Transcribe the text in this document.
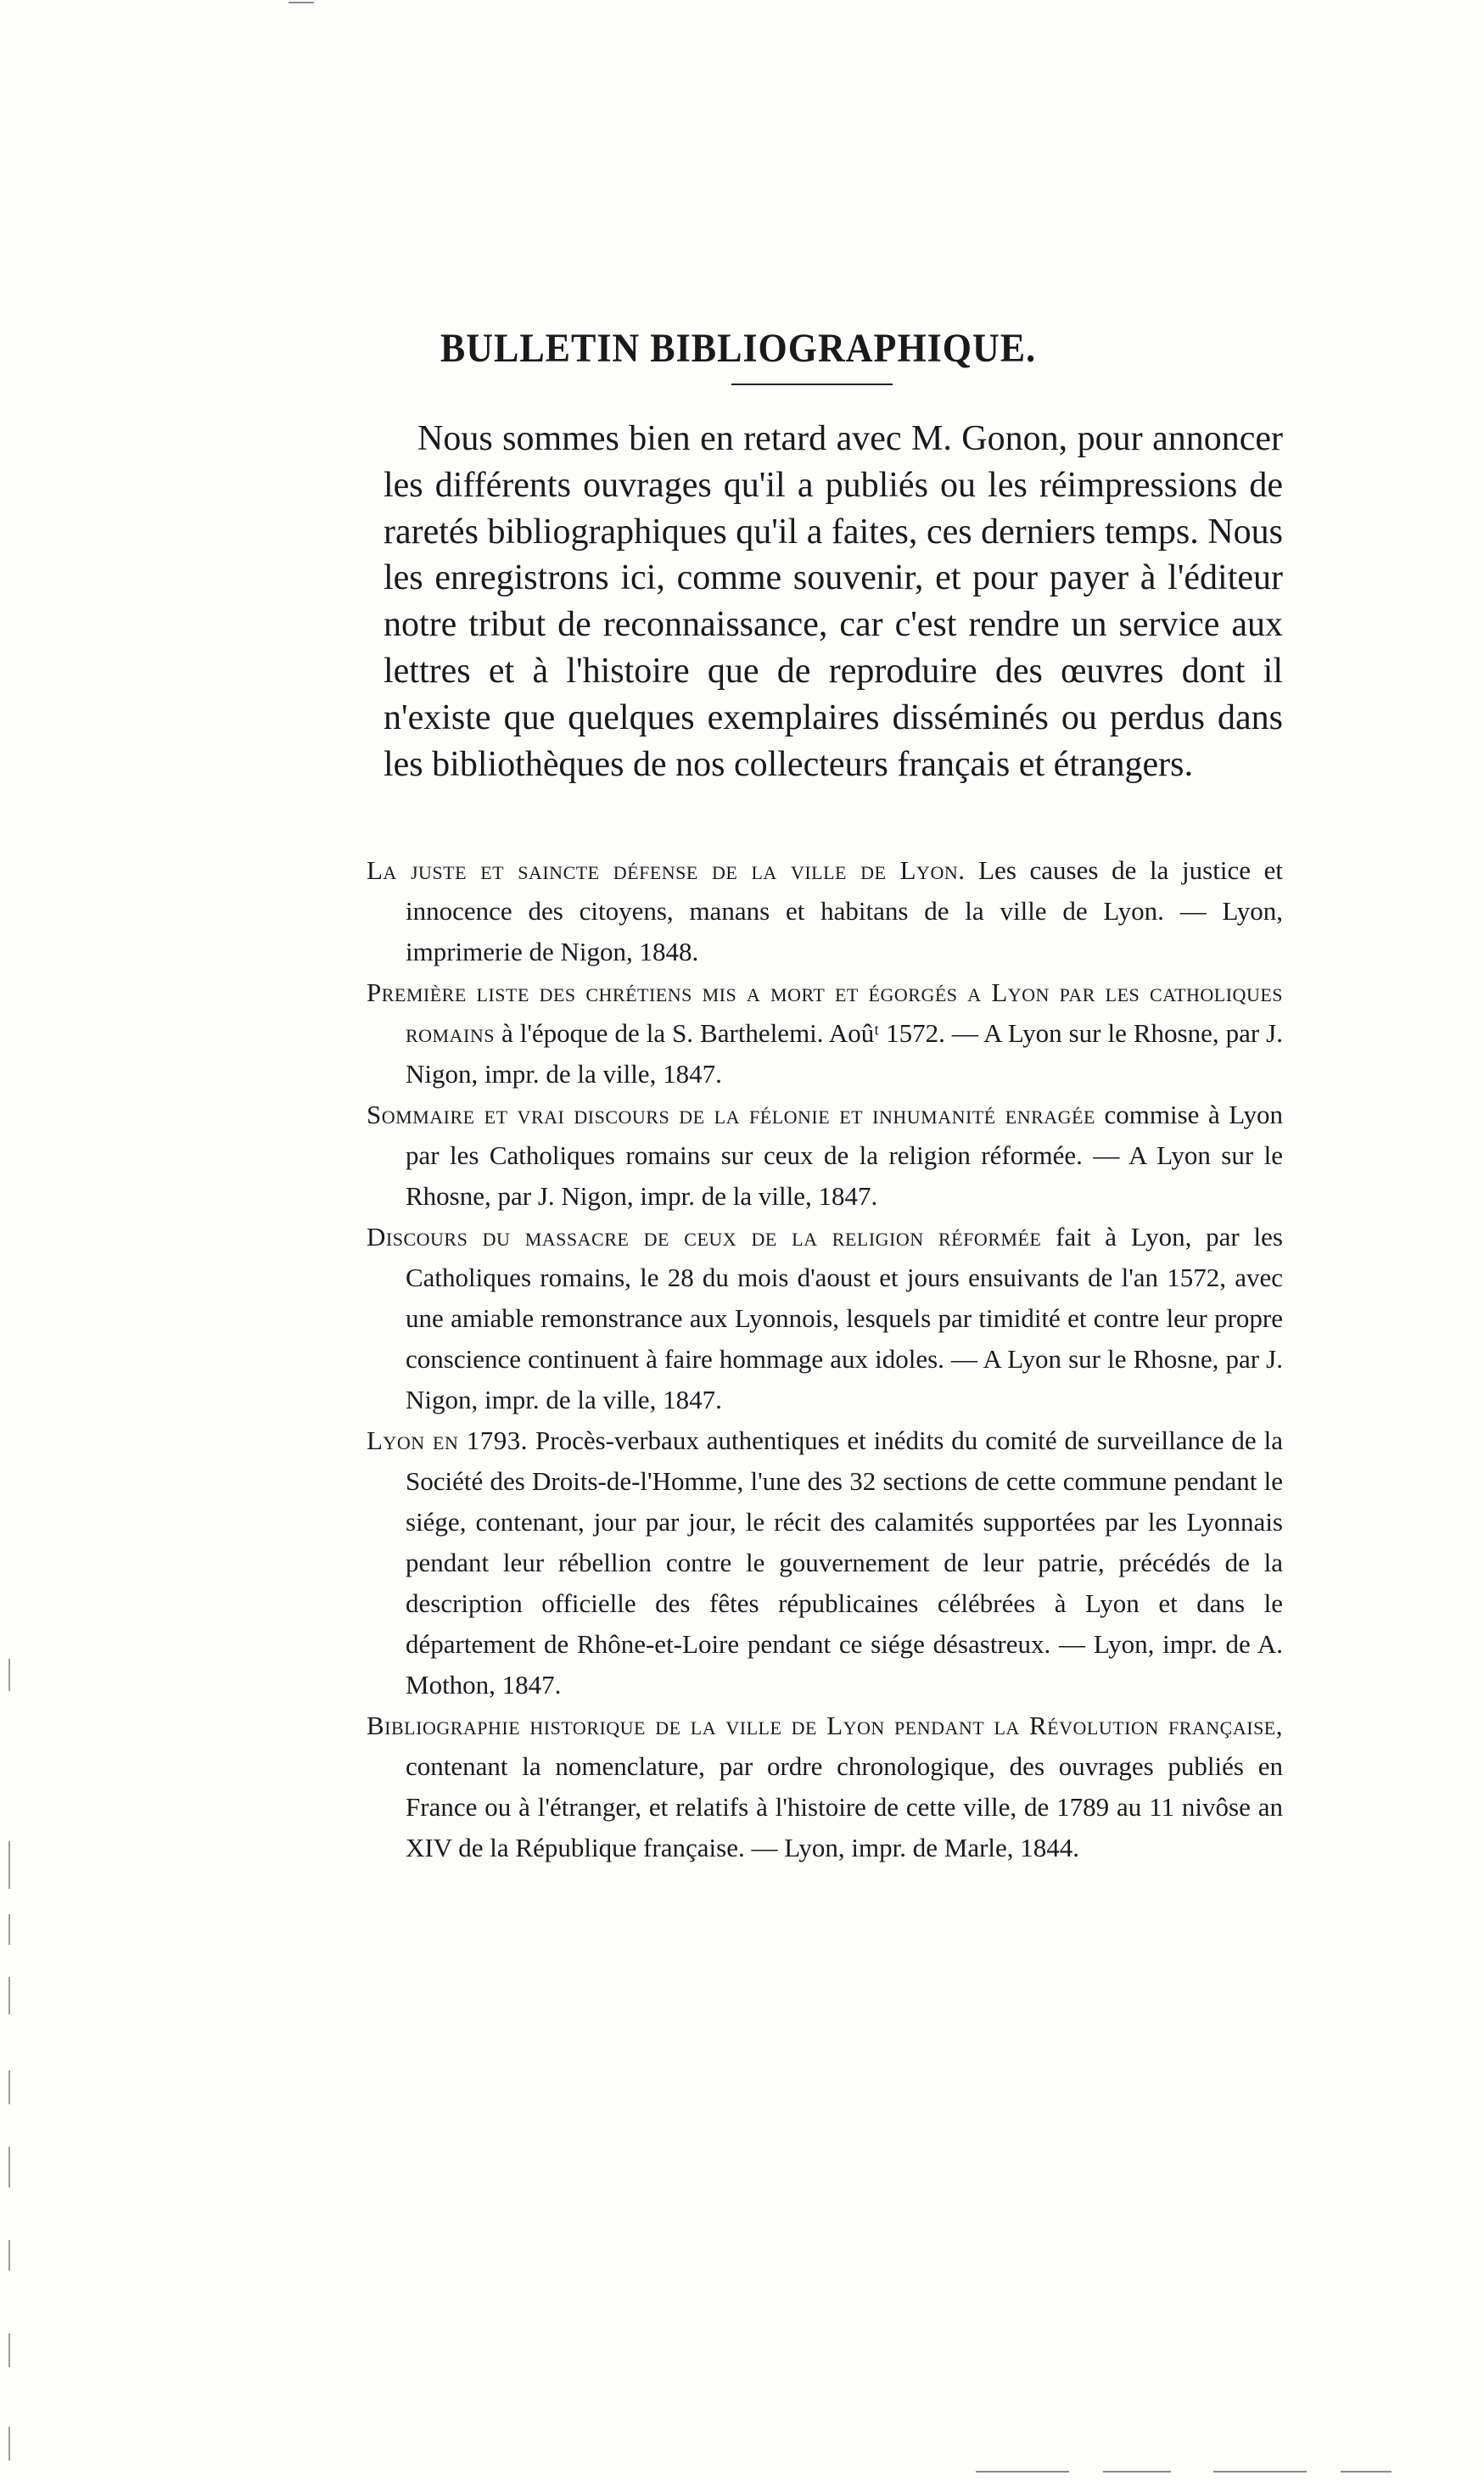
BULLETIN BIBLIOGRAPHIQUE.

Nous sommes bien en retard avec M. Gonon, pour annoncer les différents ouvrages qu'il a publiés ou les réimpressions de raretés bibliographiques qu'il a faites, ces derniers temps. Nous les enregistrons ici, comme souvenir, et pour payer à l'éditeur notre tribut de reconnaissance, car c'est rendre un service aux lettres et à l'histoire que de reproduire des œuvres dont il n'existe que quelques exemplaires disséminés ou perdus dans les bibliothèques de nos collecteurs français et étrangers.

La juste et saincte défense de la ville de Lyon. Les causes de la justice et innocence des citoyens, manans et habitans de la ville de Lyon. — Lyon, imprimerie de Nigon, 1848.
Première liste des chrétiens mis a mort et égorgés a Lyon par les catholiques romains à l'époque de la S. Barthelemi. Aoûᵗ 1572. — A Lyon sur le Rhosne, par J. Nigon, impr. de la ville, 1847.
Sommaire et vrai discours de la félonie et inhumanité enragée commise à Lyon par les Catholiques romains sur ceux de la religion réformée. — A Lyon sur le Rhosne, par J. Nigon, impr. de la ville, 1847.
Discours du massacre de ceux de la religion réformée fait à Lyon, par les Catholiques romains, le 28 du mois d'aoust et jours ensuivants de l'an 1572, avec une amiable remonstrance aux Lyonnois, lesquels par timidité et contre leur propre conscience continuent à faire hommage aux idoles. — A Lyon sur le Rhosne, par J. Nigon, impr. de la ville, 1847.
Lyon en 1793. Procès-verbaux authentiques et inédits du comité de surveillance de la Société des Droits-de-l'Homme, l'une des 32 sections de cette commune pendant le siége, contenant, jour par jour, le récit des calamités supportées par les Lyonnais pendant leur rébellion contre le gouvernement de leur patrie, précédés de la description officielle des fêtes républicaines célébrées à Lyon et dans le département de Rhône-et-Loire pendant ce siége désastreux. — Lyon, impr. de A. Mothon, 1847.
Bibliographie historique de la ville de Lyon pendant la Révolution française, contenant la nomenclature, par ordre chronologique, des ouvrages publiés en France ou à l'étranger, et relatifs à l'histoire de cette ville, de 1789 au 11 nivôse an XIV de la République française. — Lyon, impr. de Marle, 1844.
